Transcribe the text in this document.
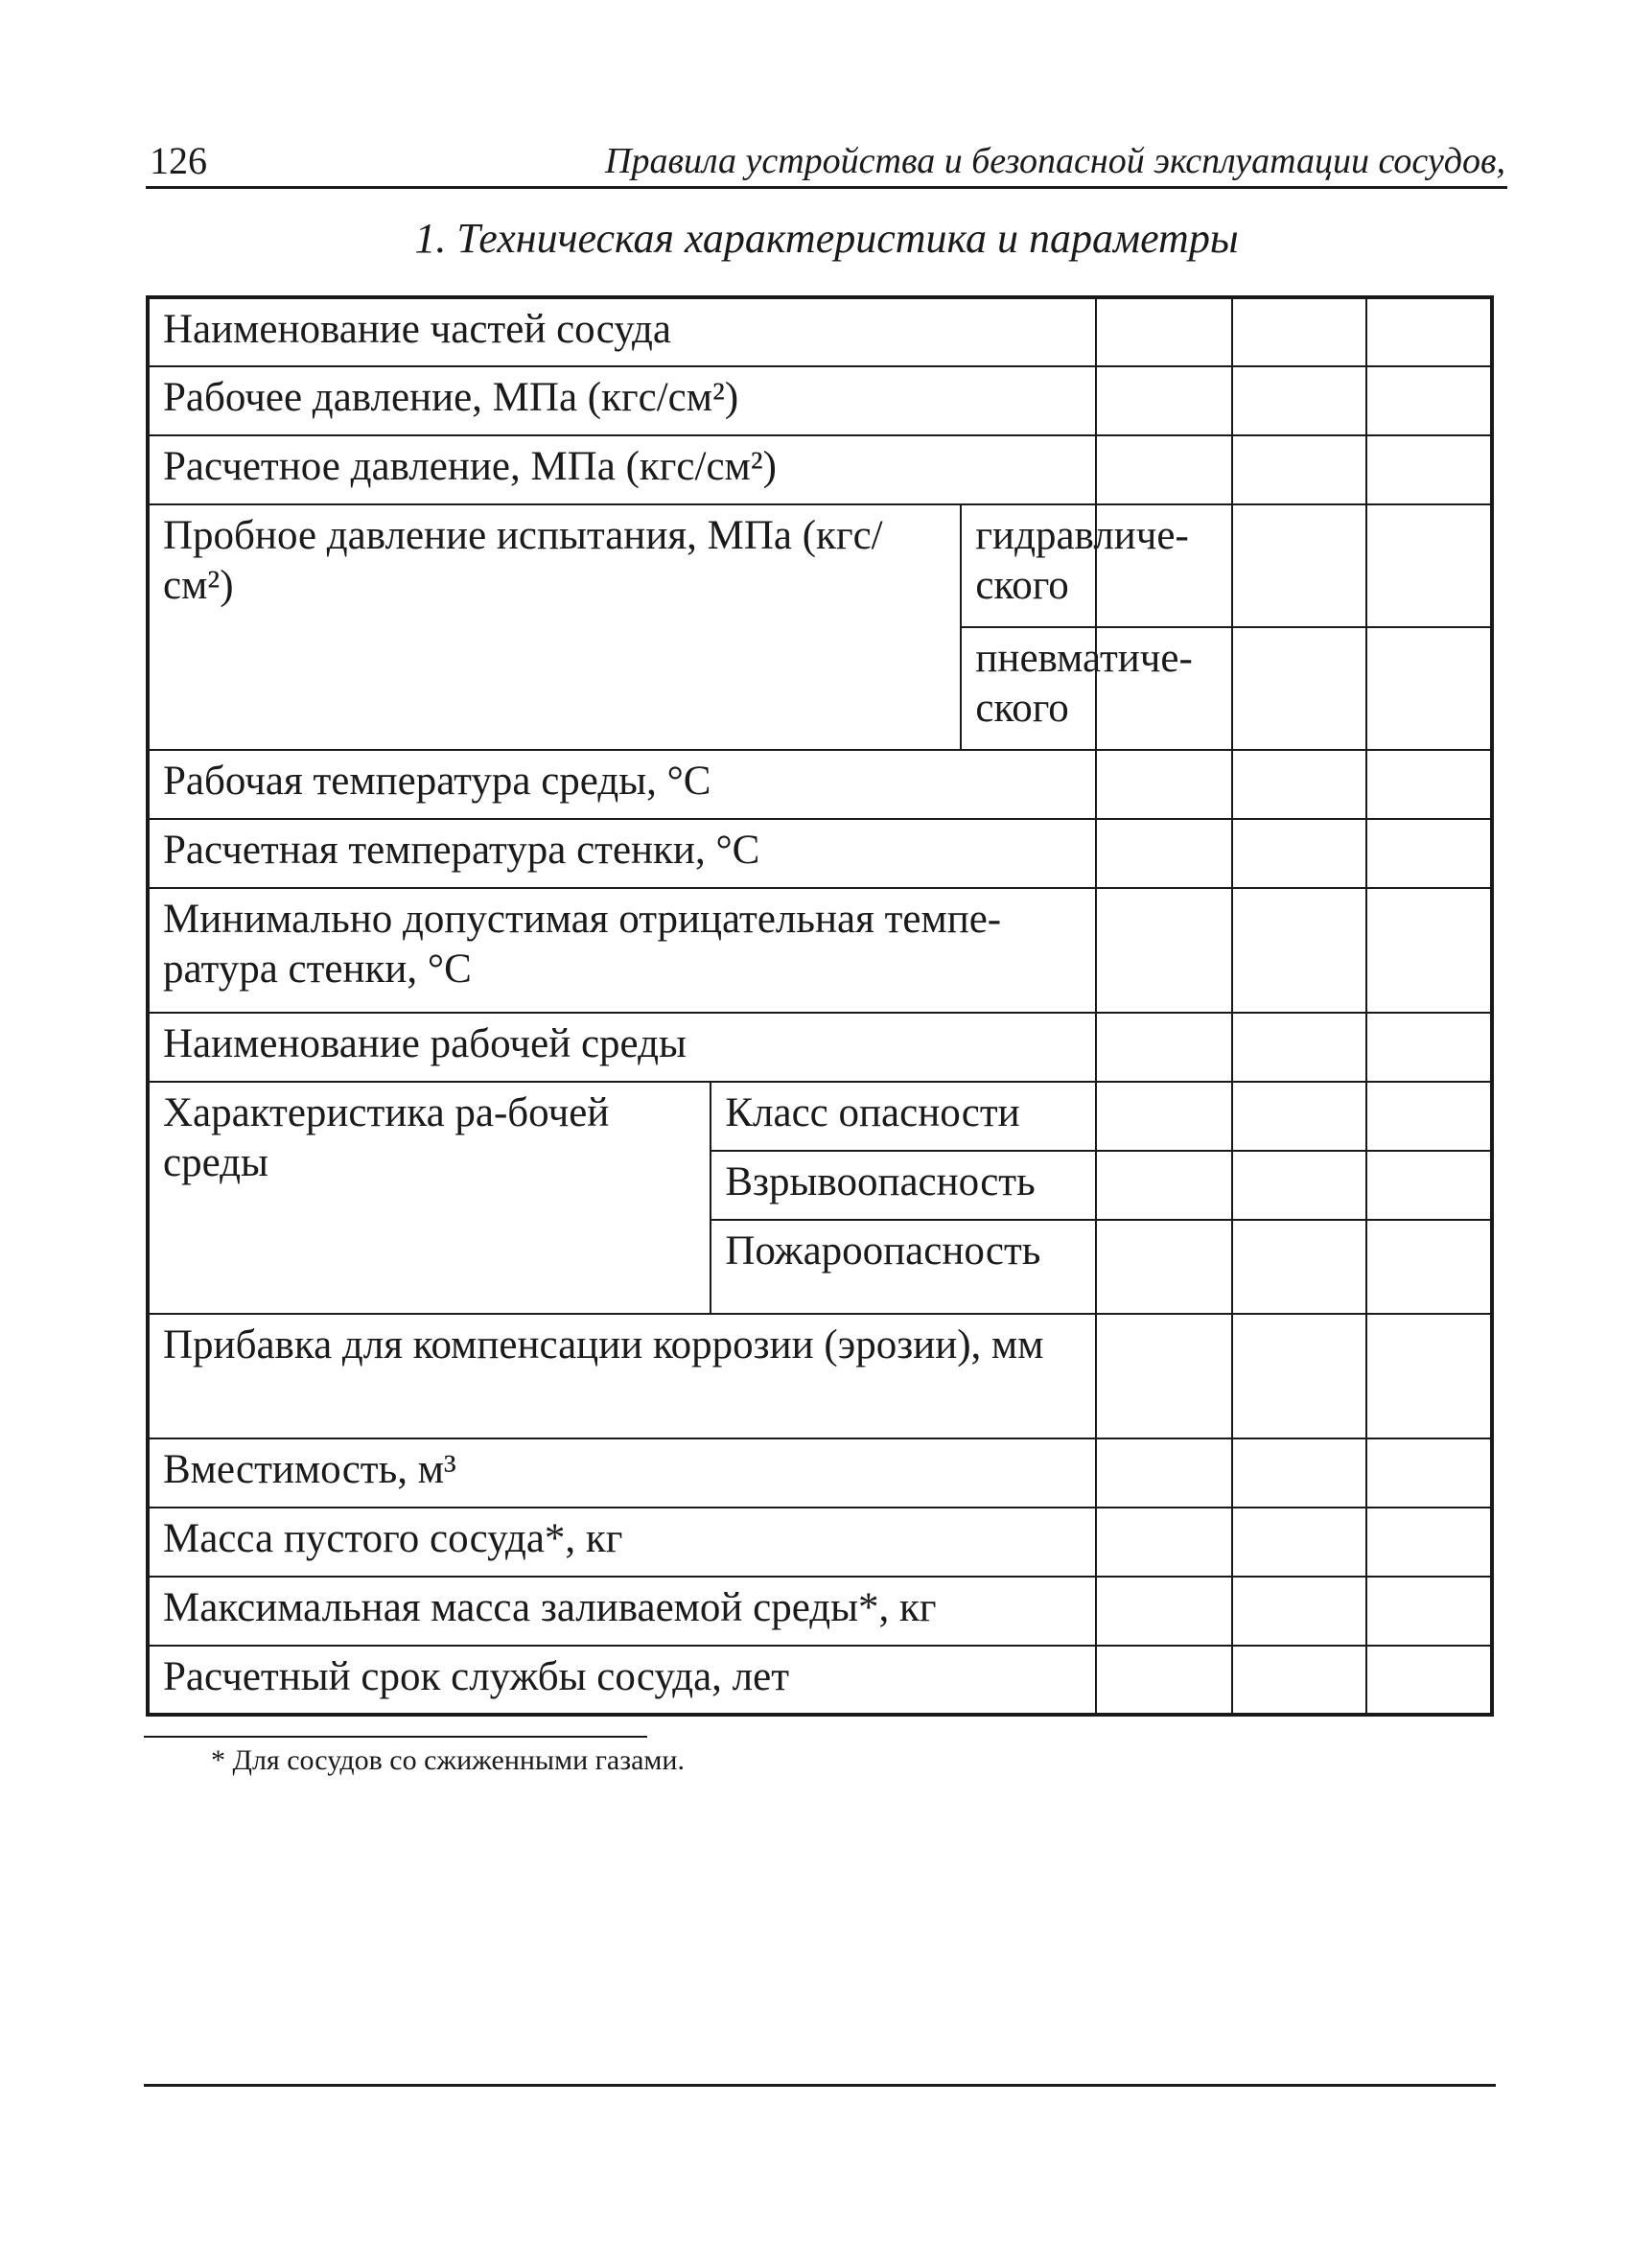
126	Правила устройства и безопасной эксплуатации сосудов,
1. Техническая характеристика и параметры
Наименование частей сосуда					
Рабочее давление, МПа (кгс/см²)					
Расчетное давление, МПа (кгс/см²)					
Пробное давление испытания, МПа (кгс/см²)		гидравличе-ского			
		пневматиче-ского			
Рабочая температура среды, °C					
Расчетная температура стенки, °C					
Минимально допустимая отрицательная темпе-ратура стенки, °C					
Наименование рабочей среды					
Характеристика ра-бочей среды	Класс опасности				
	Взрывоопасность				
	Пожароопасность				
Прибавка для компенсации коррозии (эрозии), мм					
Вместимость, м³					
Масса пустого сосуда*, кг					
Максимальная масса заливаемой среды*, кг					
Расчетный срок службы сосуда, лет					
* Для сосудов со сжиженными газами.
